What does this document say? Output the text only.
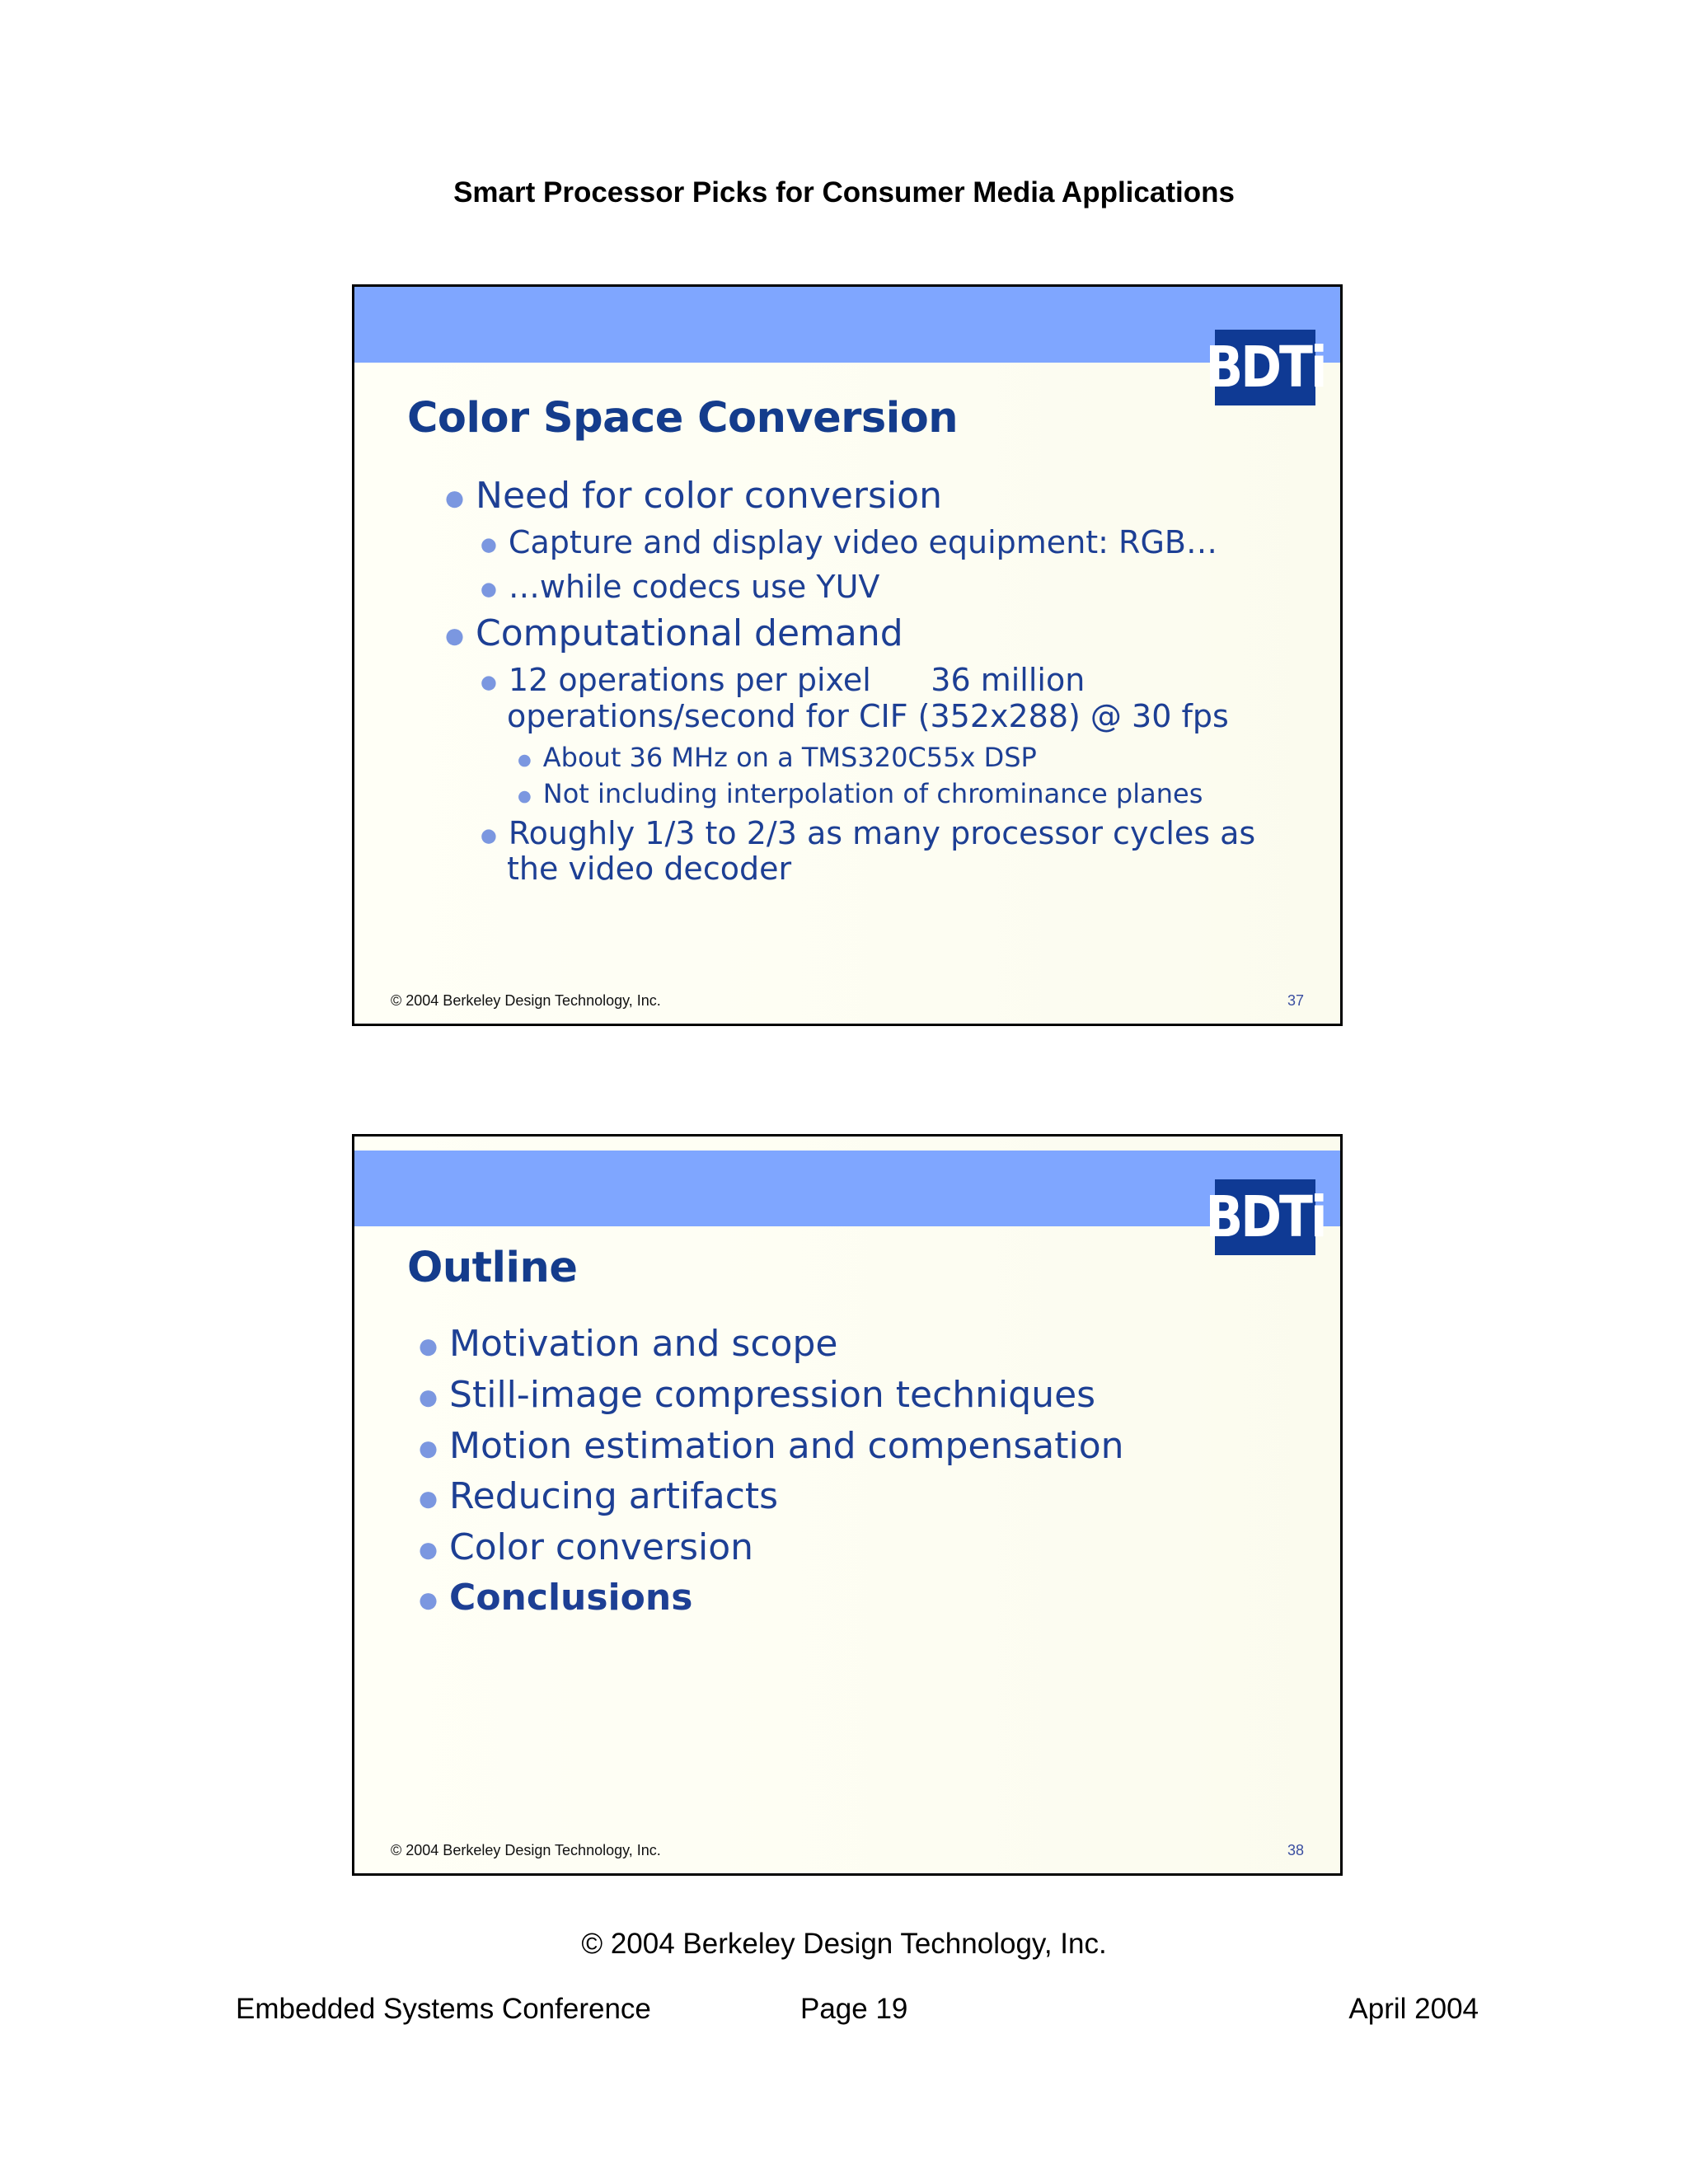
Smart Processor Picks for Consumer Media Applications
BDTi
Color Space Conversion
● Need for color conversion
● Capture and display video equipment: RGB…
● …while codecs use YUV
● Computational demand
● 12 operations per pixel      36 million
operations/second for CIF (352x288) @ 30 fps
● About 36 MHz on a TMS320C55x DSP
● Not including interpolation of chrominance planes
● Roughly 1/3 to 2/3 as many processor cycles as
the video decoder
© 2004 Berkeley Design Technology, Inc.	37
BDTi
Outline
● Motivation and scope
● Still-image compression techniques
● Motion estimation and compensation
● Reducing artifacts
● Color conversion
● Conclusions
© 2004 Berkeley Design Technology, Inc.	38
© 2004 Berkeley Design Technology, Inc.
Embedded Systems Conference	Page 19	April 2004
